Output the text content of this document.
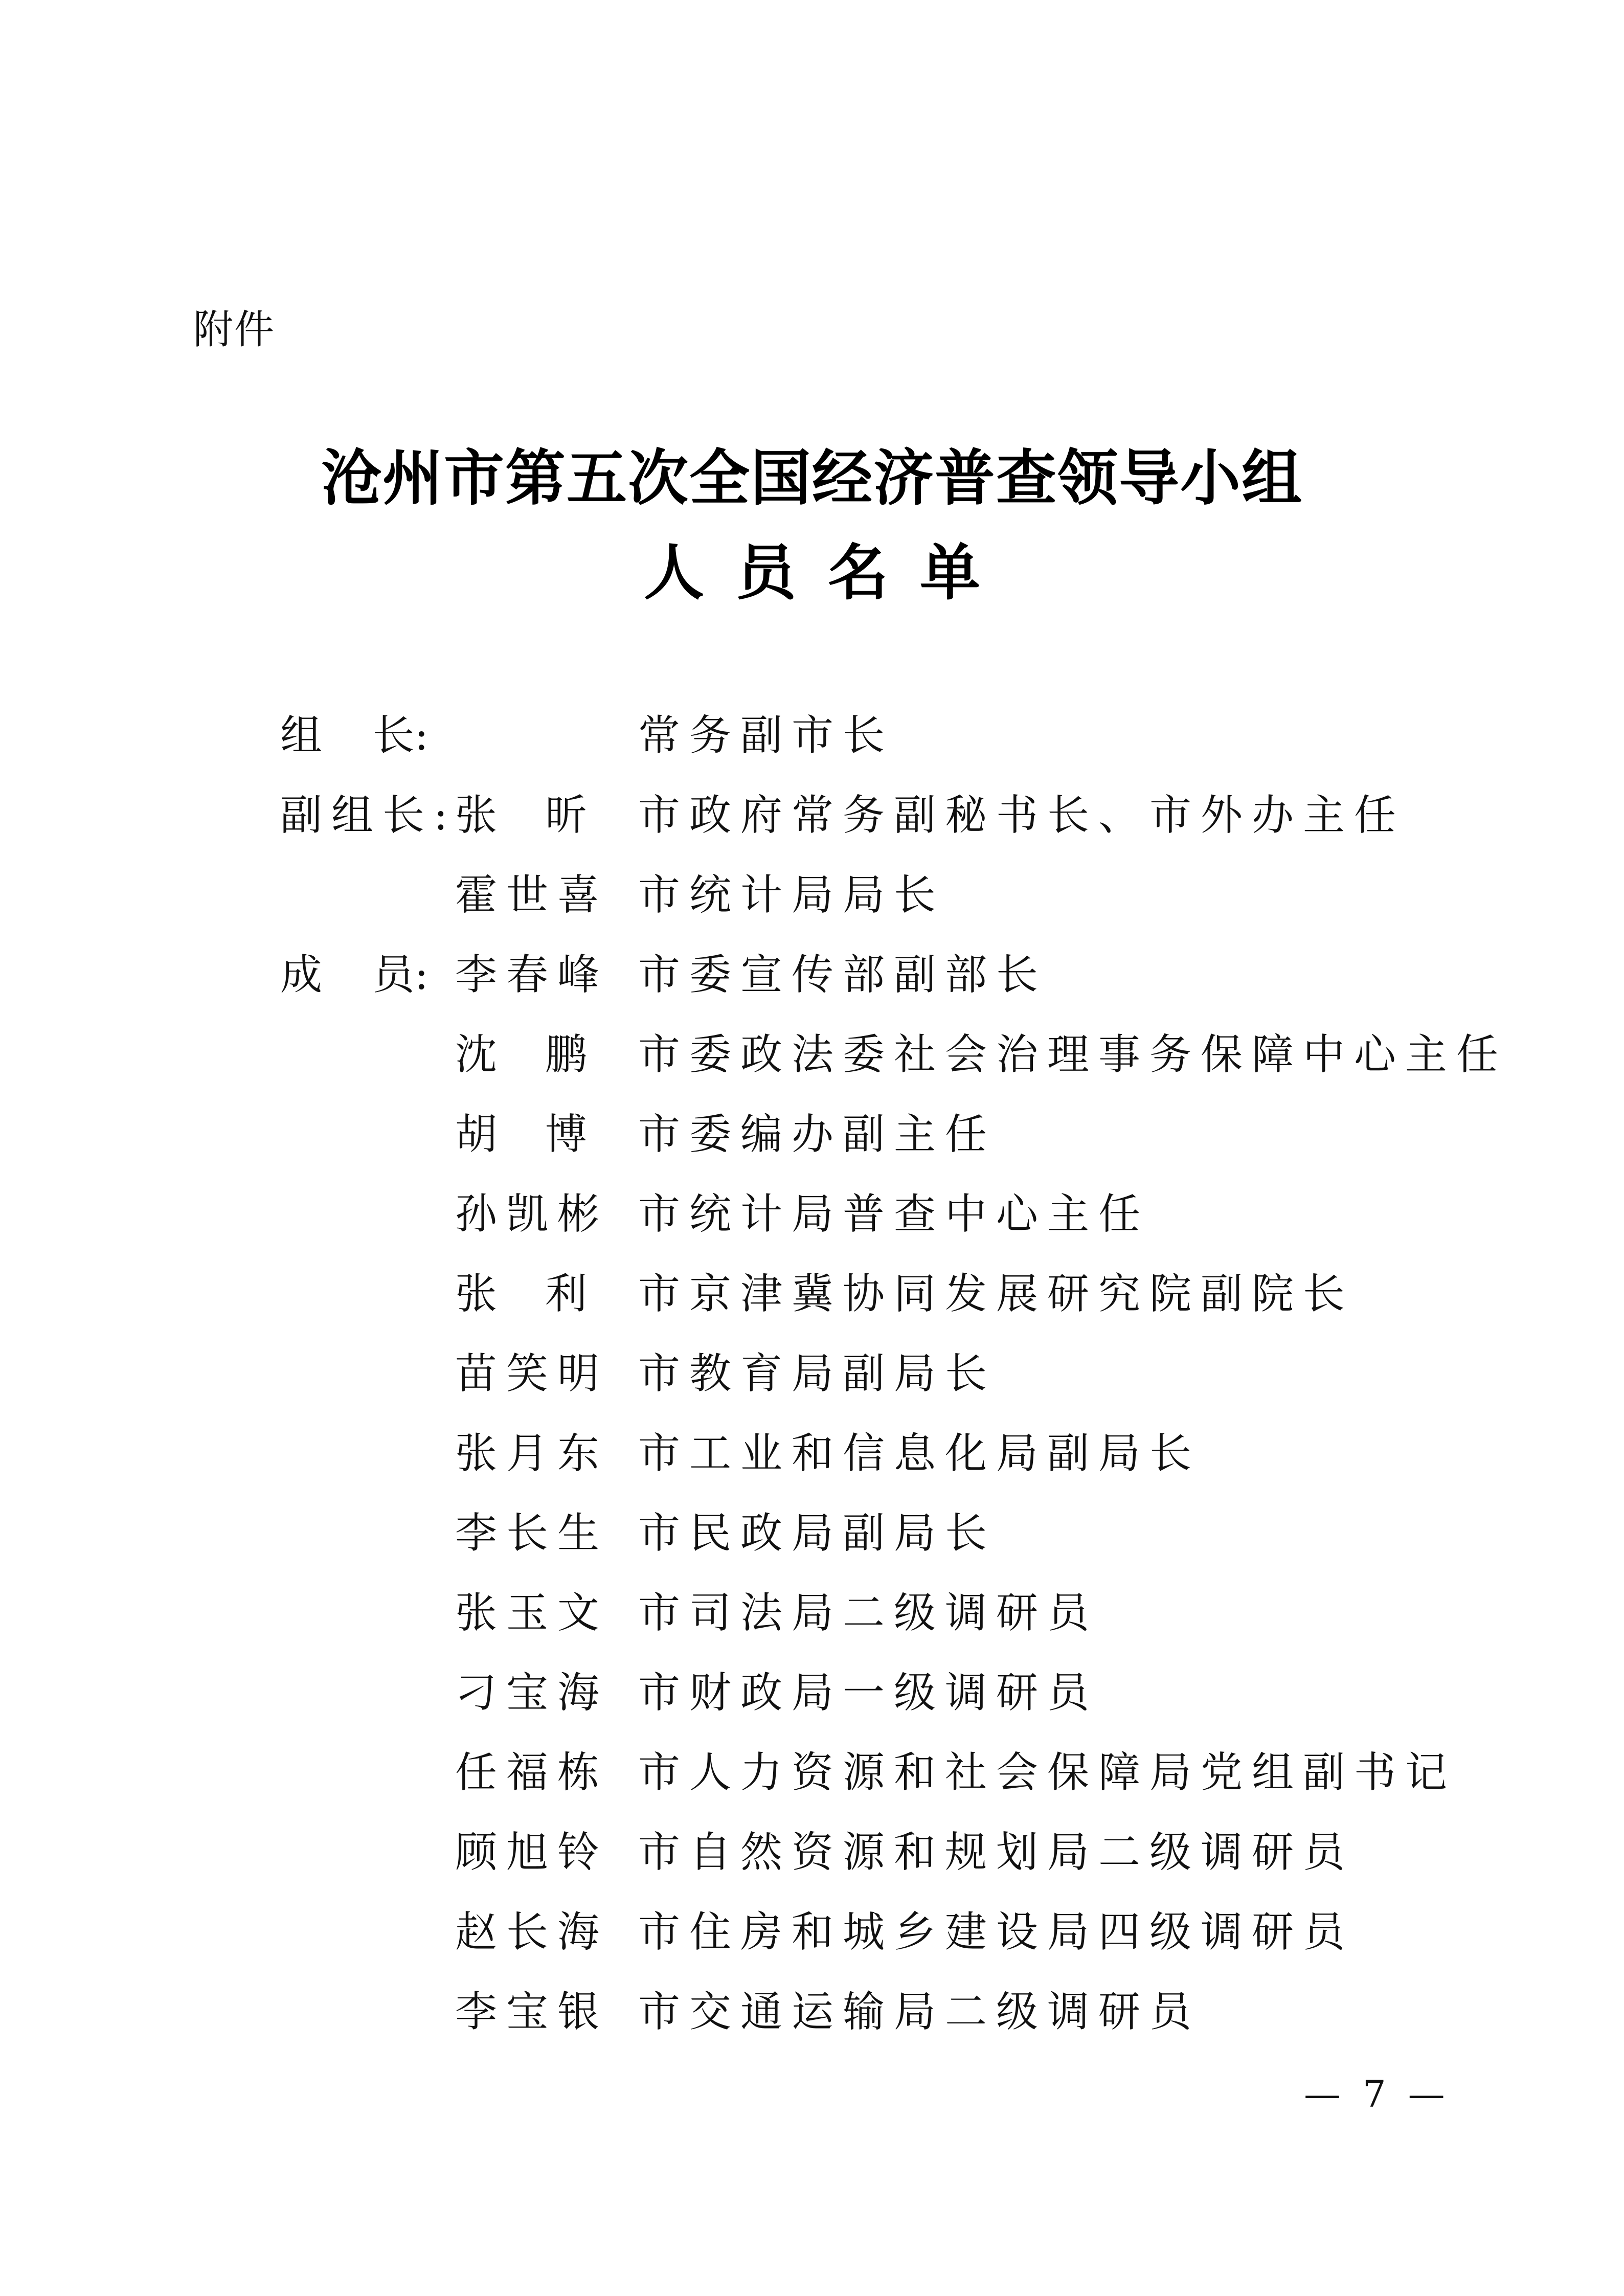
附件
沧州市第五次全国经济普查领导小组
人员名单
组 长:	常务副市长
副组长:
张 昕 市政府常务副秘书长、市外办主任
霍世喜 市统计局局长
成 员: 李春峰 市委宣传部副部长
沈 鹏 市委政法委社会治理事务保障中心主任
胡 博 市委编办副主任
孙凯彬 市统计局普查中心主任
张 利 市京津冀协同发展研究院副院长
苗笑明 市教育局副局长
张月东 市工业和信息化局副局长
李长生 市民政局副局长
张玉文 市司法局二级调研员
刁宝海 市财政局一级调研员
任福栋 市人力资源和社会保障局党组副书记
顾旭铃 市自然资源和规划局二级调研员
赵长海 市住房和城乡建设局四级调研员
李宝银 市交通运输局二级调研员
— 7 —
